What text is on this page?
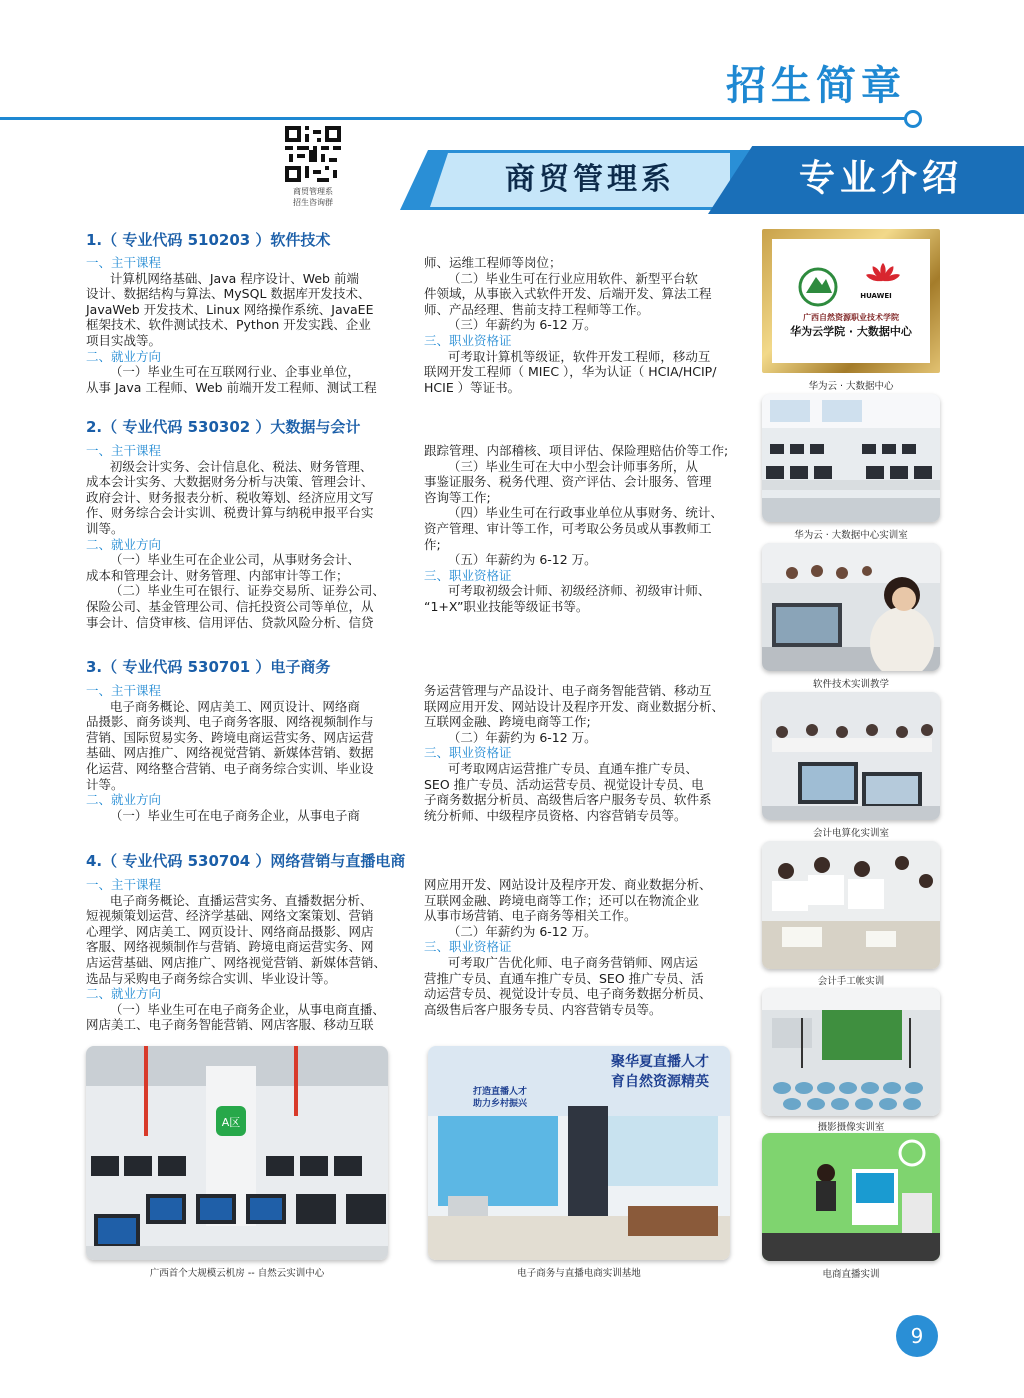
招生简章
商贸管理系	专业介绍
商贸管理系
招生咨询群
1.（ 专业代码 510203 ）软件技术
2.（ 专业代码 530302 ）大数据与会计
3.（ 专业代码 530701 ）电子商务
4.（ 专业代码 530704 ）网络营销与直播电商

一、主干课程

计算机网络基础、Java 程序设计、Web 前端

设计、数据结构与算法、MySQL 数据库开发技术、

JavaWeb 开发技术、Linux 网络操作系统、JavaEE

框架技术、软件测试技术、Python 开发实践、企业

项目实战等。

二、就业方向

（一）毕业生可在互联网行业、企事业单位，

从事 Java 工程师、Web 前端开发工程师、测试工程

师、运维工程师等岗位；

（二）毕业生可在行业应用软件、新型平台软

件领域，从事嵌入式软件开发、后端开发、算法工程

师、产品经理、售前支持工程师等工作。

（三）年薪约为 6-12 万。

三、职业资格证

可考取计算机等级证，软件开发工程师，移动互

联网开发工程师（ MIEC ），华为认证（ HCIA/HCIP/

HCIE ）等证书。

一、主干课程

初级会计实务、会计信息化、税法、财务管理、

成本会计实务、大数据财务分析与决策、管理会计、

政府会计、财务报表分析、税收筹划、经济应用文写

作、财务综合会计实训、税费计算与纳税申报平台实

训等。

二、就业方向

（一）毕业生可在企业公司，从事财务会计、

成本和管理会计、财务管理、内部审计等工作；

（二）毕业生可在银行、证券交易所、证券公司、

保险公司、基金管理公司、信托投资公司等单位，从

事会计、信贷审核、信用评估、贷款风险分析、信贷

跟踪管理、内部稽核、项目评估、保险理赔估价等工作;

（三）毕业生可在大中小型会计师事务所，从

事鉴证服务、税务代理、资产评估、会计服务、管理

咨询等工作;

（四）毕业生可在行政事业单位从事财务、统计、

资产管理、审计等工作，可考取公务员或从事教师工

作;

（五）年薪约为 6-12 万。

三、职业资格证

可考取初级会计师、初级经济师、初级审计师、

“1+X”职业技能等级证书等。

一、主干课程

电子商务概论、网店美工、网页设计、网络商

品摄影、商务谈判、电子商务客服、网络视频制作与

营销、国际贸易实务、跨境电商运营实务、网店运营

基础、网店推广、网络视觉营销、新媒体营销、数据

化运营、网络整合营销、电子商务综合实训、毕业设

计等。

二、就业方向

（一）毕业生可在电子商务企业，从事电子商

务运营管理与产品设计、电子商务智能营销、移动互

联网应用开发、网站设计及程序开发、商业数据分析、

互联网金融、跨境电商等工作;

（二）年薪约为 6-12 万。

三、职业资格证

可考取网店运营推广专员、直通车推广专员、

SEO 推广专员、活动运营专员、视觉设计专员、电

子商务数据分析员、高级售后客户服务专员、软件系

统分析师、中级程序员资格、内容营销专员等。

一、主干课程

电子商务概论、直播运营实务、直播数据分析、

短视频策划运营、经济学基础、网络文案策划、营销

心理学、网店美工、网页设计、网络商品摄影、网店

客服、网络视频制作与营销、跨境电商运营实务、网

店运营基础、网店推广、网络视觉营销、新媒体营销、

选品与采购电子商务综合实训、毕业设计等。

二、就业方向

（一）毕业生可在电子商务企业，从事电商直播、

网店美工、电子商务智能营销、网店客服、移动互联

网应用开发、网站设计及程序开发、商业数据分析、

互联网金融、跨境电商等工作；还可以在物流企业

从事市场营销、电子商务等相关工作。

（二）年薪约为 6-12 万。

三、职业资格证

可考取广告优化师、电子商务营销师、网店运

营推广专员、直通车推广专员、SEO 推广专员、活

动运营专员、视觉设计专员、电子商务数据分析员、

高级售后客户服务专员、内容营销专员等。

HUAWEI
广西自然资源职业技术学院
华为云学院 · 大数据中心
华为云 · 大数据中心
华为云 · 大数据中心实训室
软件技术实训教学
会计电算化实训室
会计手工帐实训
摄影摄像实训室
电商直播实训
A区
广西首个大规模云机房 -- 自然云实训中心
聚华夏直播人才
育自然资源精英
打造直播人才
助力乡村振兴
电子商务与直播电商实训基地
9
